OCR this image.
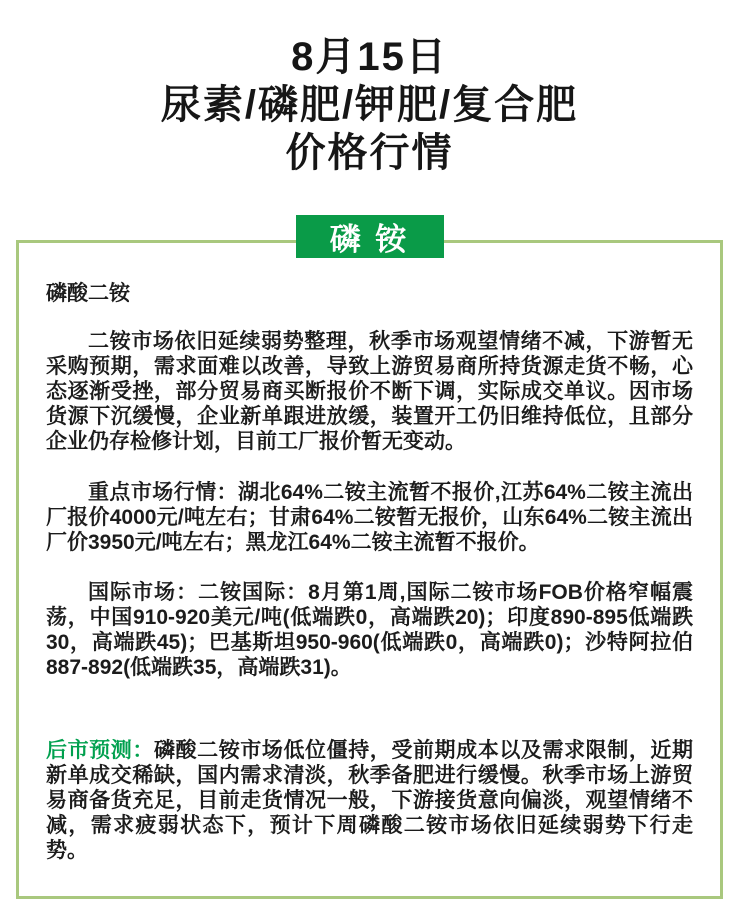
8月15日
尿素/磷肥/钾肥/复合肥
价格行情
磷 铵
磷酸二铵

二铵市场依旧延续弱势整理，秋季市场观望情绪不减，下游暂无采购预期，需求面难以改善，导致上游贸易商所持货源走货不畅，心态逐渐受挫，部分贸易商买断报价不断下调，实际成交单议。因市场货源下沉缓慢，企业新单跟进放缓，装置开工仍旧维持低位，且部分企业仍存检修计划，目前工厂报价暂无变动。

重点市场行情：湖北64%二铵主流暂不报价,江苏64%二铵主流出厂报价4000元/吨左右；甘肃64%二铵暂无报价，山东64%二铵主流出厂价3950元/吨左右；黑龙江64%二铵主流暂不报价。

国际市场：二铵国际：8月第1周,国际二铵市场FOB价格窄幅震荡，中国910-920美元/吨(低端跌0，高端跌20)；印度890-895低端跌30，高端跌45)；巴基斯坦950-960(低端跌0，高端跌0)；沙特阿拉伯887-892(低端跌35，高端跌31)。

后市预测：磷酸二铵市场低位僵持，受前期成本以及需求限制，近期新单成交稀缺，国内需求清淡，秋季备肥进行缓慢。秋季市场上游贸易商备货充足，目前走货情况一般，下游接货意向偏淡，观望情绪不减，需求疲弱状态下，预计下周磷酸二铵市场依旧延续弱势下行走势。
